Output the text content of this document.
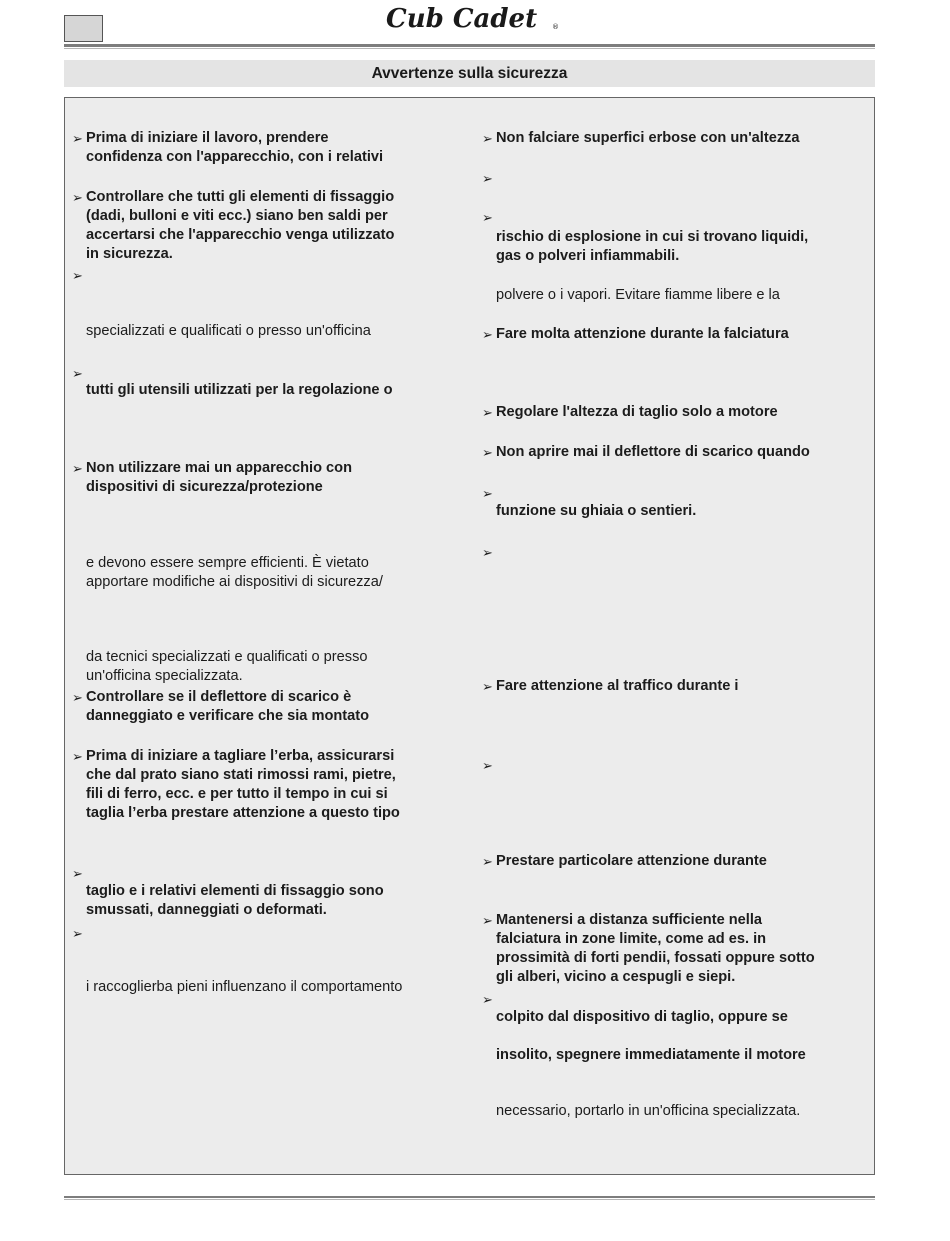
Cub Cadet ®
Avvertenze sulla sicurezza
➢ Prima di iniziare il lavoro, prendere
confidenza con l'apparecchio, con i relativi
➢ Controllare che tutti gli elementi di fissaggio
(dadi, bulloni e viti ecc.) siano ben saldi per
accertarsi che l'apparecchio venga utilizzato
in sicurezza.
➢
specializzati e qualificati o presso un'officina
➢
tutti gli utensili utilizzati per la regolazione o
➢ Non utilizzare mai un apparecchio con
dispositivi di sicurezza/protezione
e devono essere sempre efficienti. È vietato
apportare modifiche ai dispositivi di sicurezza/
da tecnici specializzati e qualificati o presso
un'officina specializzata.
➢ Controllare se il deflettore di scarico è
danneggiato e verificare che sia montato
➢ Prima di iniziare a tagliare l’erba, assicurarsi
che dal prato siano stati rimossi rami, pietre,
fili di ferro, ecc. e per tutto il tempo in cui si
taglia l’erba prestare attenzione a questo tipo
➢
taglio e i relativi elementi di fissaggio sono
smussati, danneggiati o deformati.
➢
i raccoglierba pieni influenzano il comportamento
➢ Non falciare superfici erbose con un'altezza
➢
➢
rischio di esplosione in cui si trovano liquidi,
gas o polveri infiammabili.
polvere o i vapori. Evitare fiamme libere e la
➢ Fare molta attenzione durante la falciatura
➢ Regolare l'altezza di taglio solo a motore
➢ Non aprire mai il deflettore di scarico quando
➢
funzione su ghiaia o sentieri.
➢
➢ Fare attenzione al traffico durante i
➢
➢ Prestare particolare attenzione durante
➢ Mantenersi a distanza sufficiente nella
falciatura in zone limite, come ad es. in
prossimità di forti pendii, fossati oppure sotto
gli alberi, vicino a cespugli e siepi.
➢
colpito dal dispositivo di taglio, oppure se
insolito, spegnere immediatamente il motore
necessario, portarlo in un'officina specializzata.
